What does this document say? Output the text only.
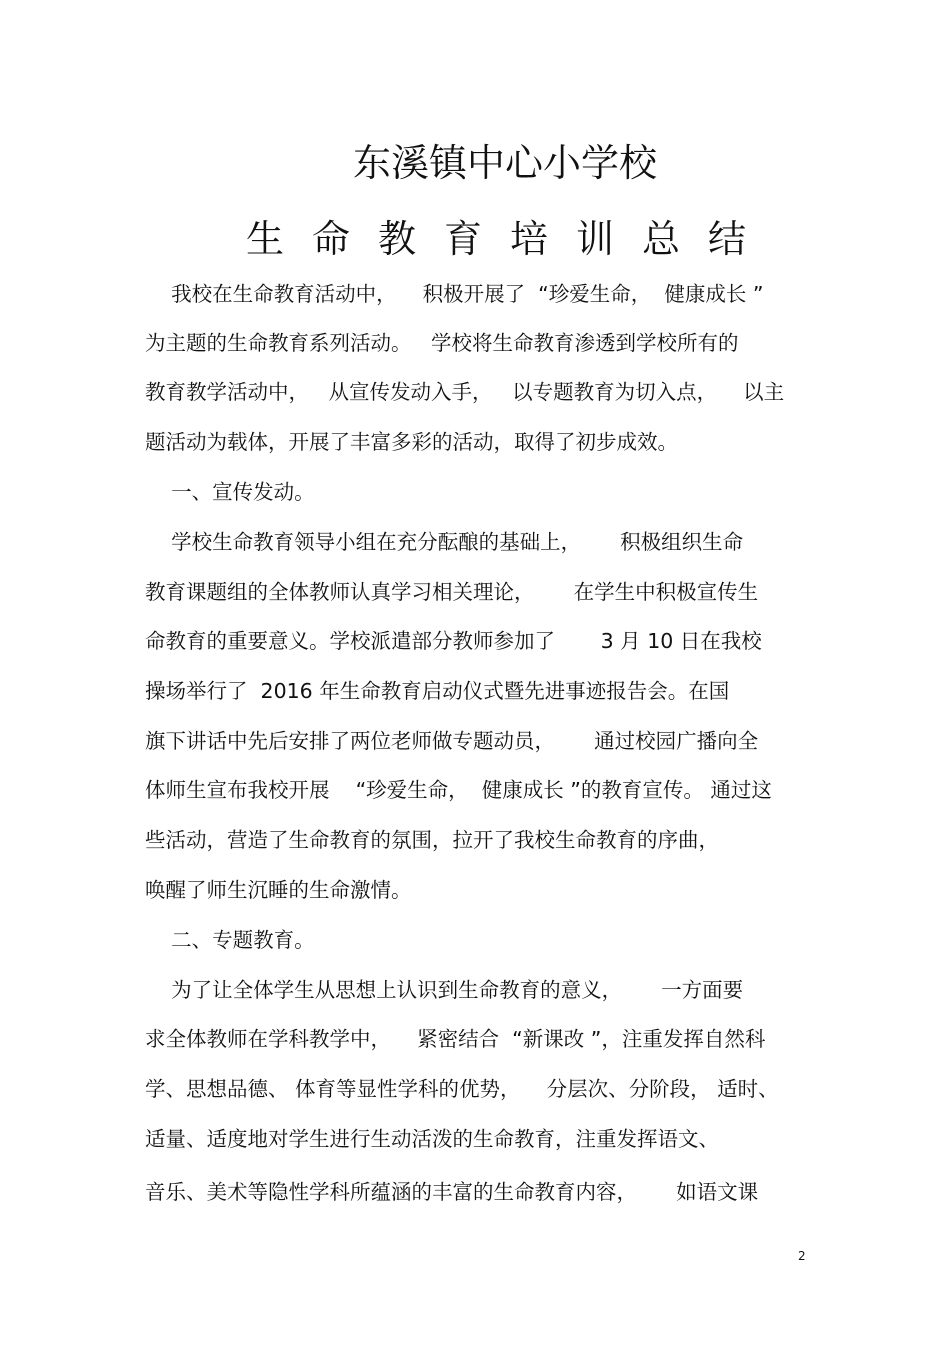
东溪镇中心小学校
生命教育培训总结
我校在生命教育活动中，    积极开展了  “珍爱生命，  健康成长 ”
为主题的生命教育系列活动。   学校将生命教育渗透到学校所有的
教育教学活动中，   从宣传发动入手，   以专题教育为切入点，    以主
题活动为载体，开展了丰富多彩的活动，取得了初步成效。
一、宣传发动。
学校生命教育领导小组在充分酝酿的基础上，      积极组织生命
教育课题组的全体教师认真学习相关理论，      在学生中积极宣传生
命教育的重要意义。学校派遣部分教师参加了       3 月 10 日在我校
操场举行了  2016 年生命教育启动仪式暨先进事迹报告会。在国
旗下讲话中先后安排了两位老师做专题动员，      通过校园广播向全
体师生宣布我校开展    “珍爱生命，  健康成长 ”的教育宣传。 通过这
些活动，营造了生命教育的氛围，拉开了我校生命教育的序曲，
唤醒了师生沉睡的生命激情。
二、专题教育。
为了让全体学生从思想上认识到生命教育的意义，      一方面要
求全体教师在学科教学中，    紧密结合  “新课改 ”，注重发挥自然科
学、思想品德、 体育等显性学科的优势，    分层次、分阶段， 适时、
适量、适度地对学生进行生动活泼的生命教育，注重发挥语文、
音乐、美术等隐性学科所蕴涵的丰富的生命教育内容，      如语文课
2
